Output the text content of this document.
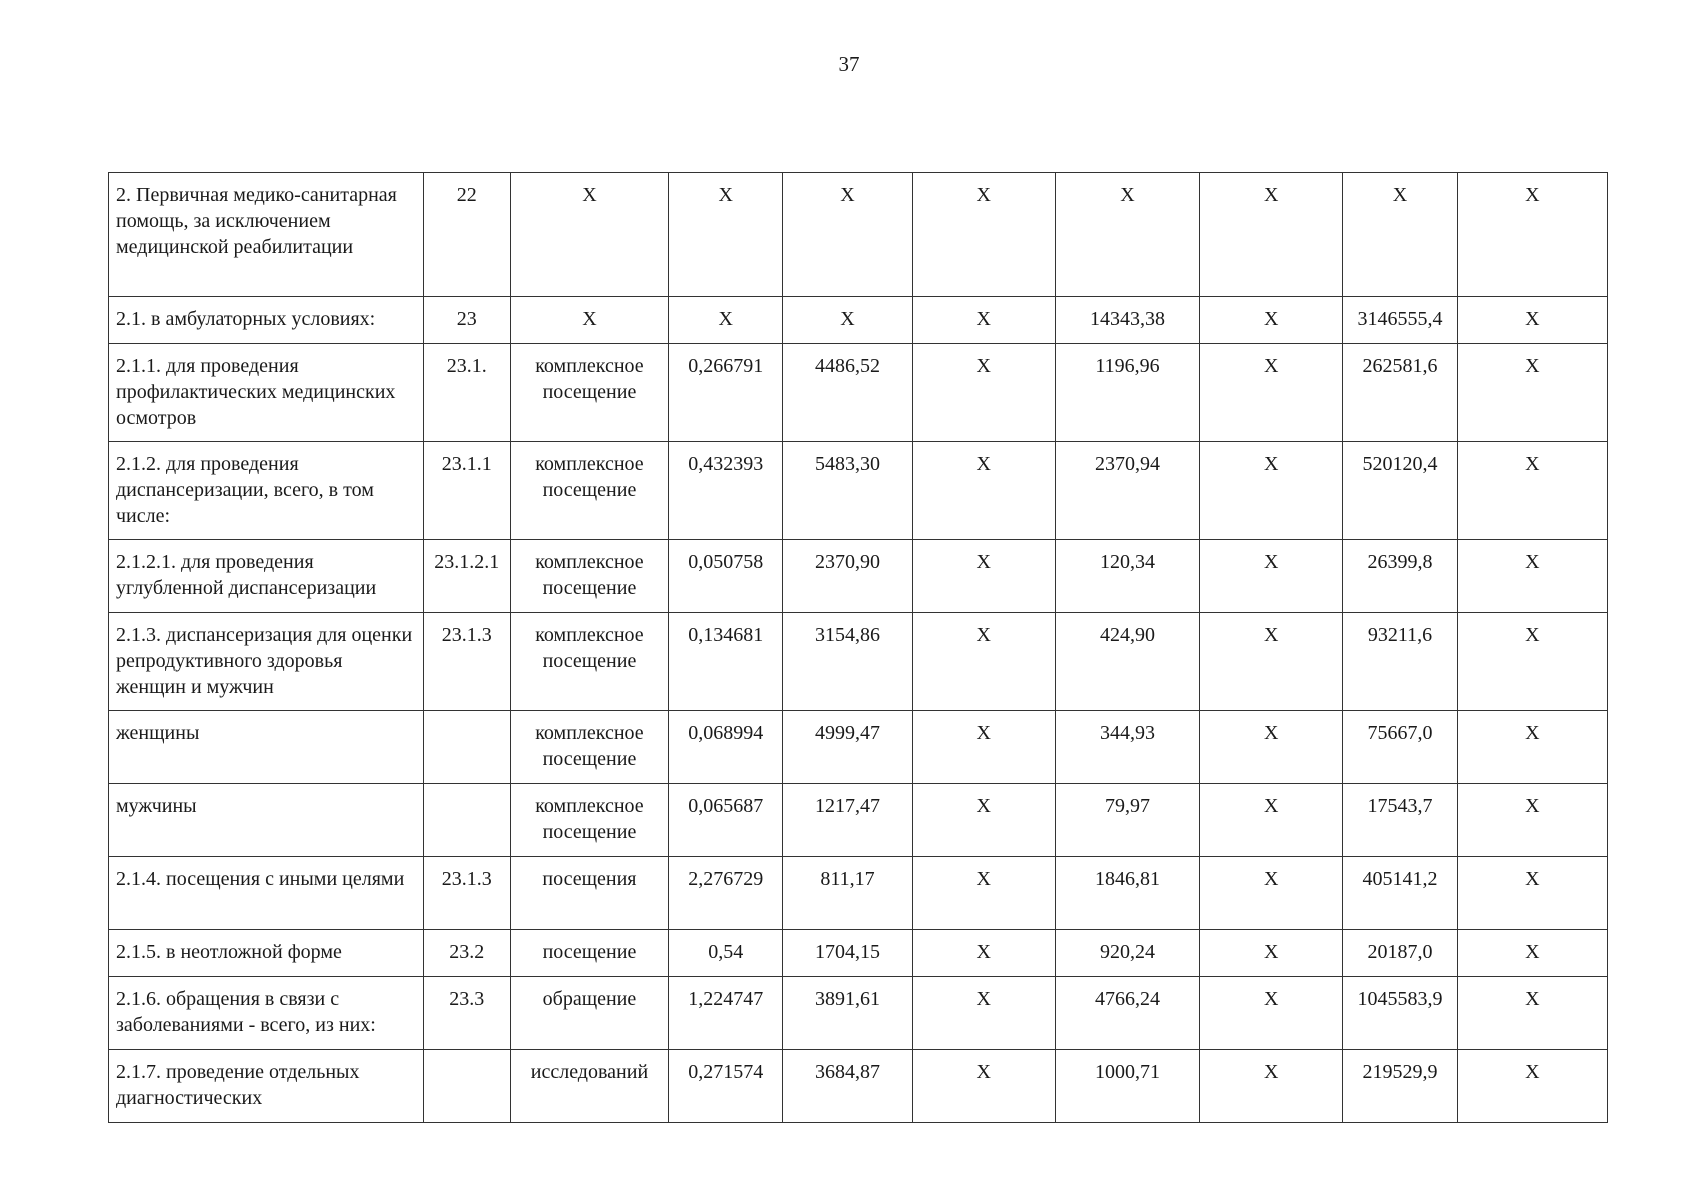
37
2. Первичная медико-санитарная помощь, за исключением медицинской реабилитации	22	X	X	X	X	X	X	X	X
2.1. в амбулаторных условиях:	23	X	X	X	X	14343,38	X	3146555,4	X
2.1.1. для проведения профилактических медицинских осмотров	23.1.	комплексное посещение	0,266791	4486,52	X	1196,96	X	262581,6	X
2.1.2. для проведения диспансеризации, всего, в том числе:	23.1.1	комплексное посещение	0,432393	5483,30	X	2370,94	X	520120,4	X
2.1.2.1. для проведения углубленной диспансеризации	23.1.2.1	комплексное посещение	0,050758	2370,90	X	120,34	X	26399,8	X
2.1.3. диспансеризация для оценки репродуктивного здоровья женщин и мужчин	23.1.3	комплексное посещение	0,134681	3154,86	X	424,90	X	93211,6	X
женщины		комплексное посещение	0,068994	4999,47	X	344,93	X	75667,0	X
мужчины		комплексное посещение	0,065687	1217,47	X	79,97	X	17543,7	X
2.1.4. посещения с иными целями	23.1.3	посещения	2,276729	811,17	X	1846,81	X	405141,2	X
2.1.5. в неотложной форме	23.2	посещение	0,54	1704,15	X	920,24	X	20187,0	X
2.1.6. обращения в связи с заболеваниями - всего, из них:	23.3	обращение	1,224747	3891,61	X	4766,24	X	1045583,9	X
2.1.7. проведение отдельных диагностических		исследований	0,271574	3684,87	X	1000,71	X	219529,9	X
